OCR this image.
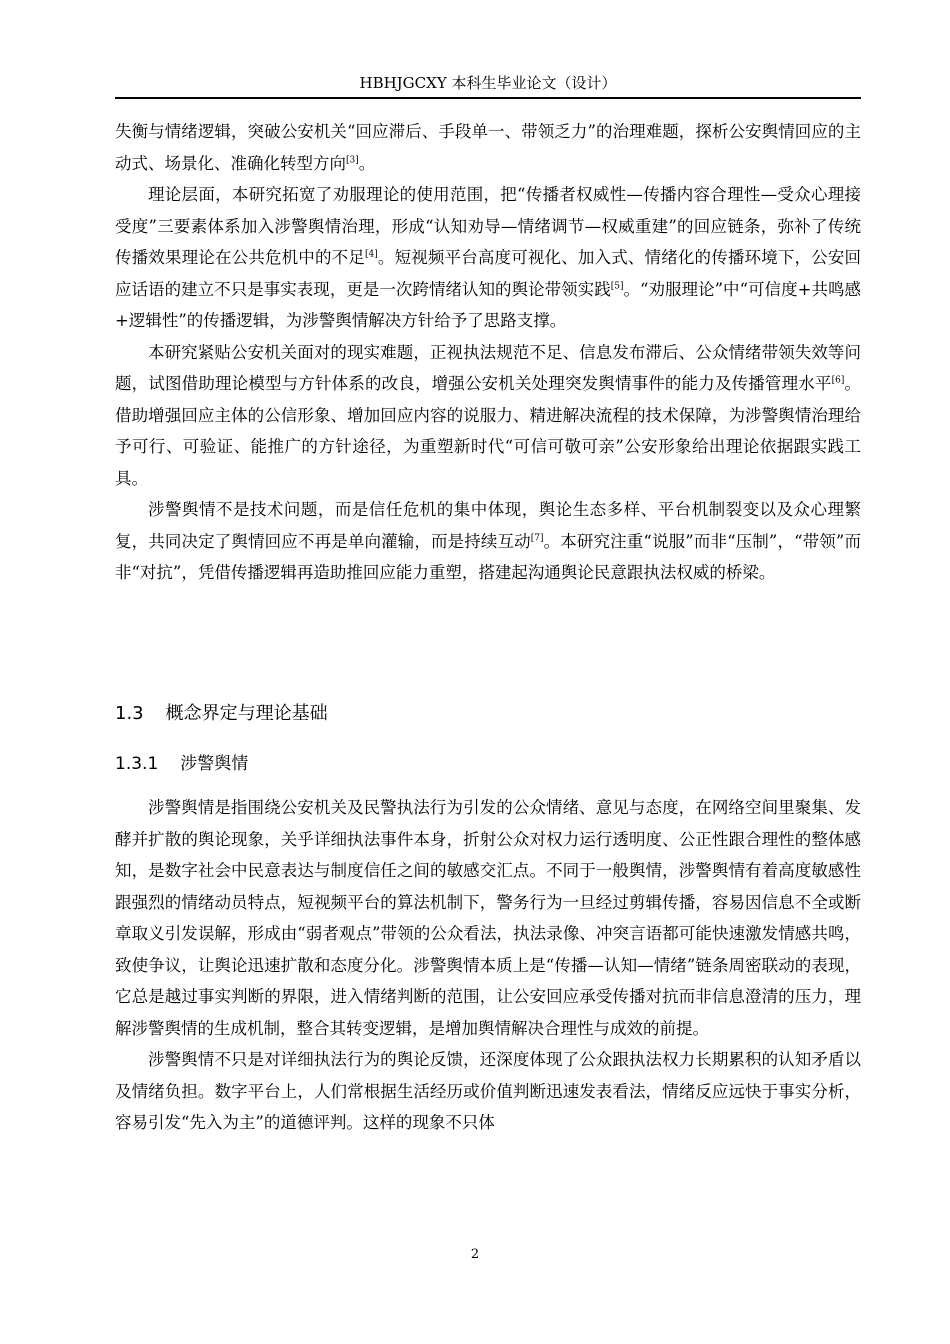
HBHJGCXY 本科生毕业论文（设计）

失衡与情绪逻辑，突破公安机关“回应滞后、手段单一、带领乏力”的治理难题，探析公安舆情回应的主动式、场景化、准确化转型方向[3]。

理论层面，本研究拓宽了劝服理论的使用范围，把“传播者权威性—传播内容合理性—受众心理接受度”三要素体系加入涉警舆情治理，形成“认知劝导—情绪调节—权威重建”的回应链条，弥补了传统传播效果理论在公共危机中的不足[4]。短视频平台高度可视化、加入式、情绪化的传播环境下，公安回应话语的建立不只是事实表现，更是一次跨情绪认知的舆论带领实践[5]。“劝服理论”中“可信度+共鸣感+逻辑性”的传播逻辑，为涉警舆情解决方针给予了思路支撑。

本研究紧贴公安机关面对的现实难题，正视执法规范不足、信息发布滞后、公众情绪带领失效等问题，试图借助理论模型与方针体系的改良，增强公安机关处理突发舆情事件的能力及传播管理水平[6]。借助增强回应主体的公信形象、增加回应内容的说服力、精进解决流程的技术保障，为涉警舆情治理给予可行、可验证、能推广的方针途径，为重塑新时代“可信可敬可亲”公安形象给出理论依据跟实践工具。

涉警舆情不是技术问题，而是信任危机的集中体现，舆论生态多样、平台机制裂变以及众心理繁复，共同决定了舆情回应不再是单向灌输，而是持续互动[7]。本研究注重“说服”而非“压制”，“带领”而非“对抗”，凭借传播逻辑再造助推回应能力重塑，搭建起沟通舆论民意跟执法权威的桥梁。

1.3 概念界定与理论基础
1.3.1 涉警舆情

涉警舆情是指围绕公安机关及民警执法行为引发的公众情绪、意见与态度，在网络空间里聚集、发酵并扩散的舆论现象，关乎详细执法事件本身，折射公众对权力运行透明度、公正性跟合理性的整体感知，是数字社会中民意表达与制度信任之间的敏感交汇点。不同于一般舆情，涉警舆情有着高度敏感性跟强烈的情绪动员特点，短视频平台的算法机制下，警务行为一旦经过剪辑传播，容易因信息不全或断章取义引发误解，形成由“弱者观点”带领的公众看法，执法录像、冲突言语都可能快速激发情感共鸣，致使争议，让舆论迅速扩散和态度分化。涉警舆情本质上是“传播—认知—情绪”链条周密联动的表现，它总是越过事实判断的界限，进入情绪判断的范围，让公安回应承受传播对抗而非信息澄清的压力，理解涉警舆情的生成机制，整合其转变逻辑，是增加舆情解决合理性与成效的前提。

涉警舆情不只是对详细执法行为的舆论反馈，还深度体现了公众跟执法权力长期累积的认知矛盾以及情绪负担。数字平台上，人们常根据生活经历或价值判断迅速发表看法，情绪反应远快于事实分析，容易引发“先入为主”的道德评判。这样的现象不只体

2
